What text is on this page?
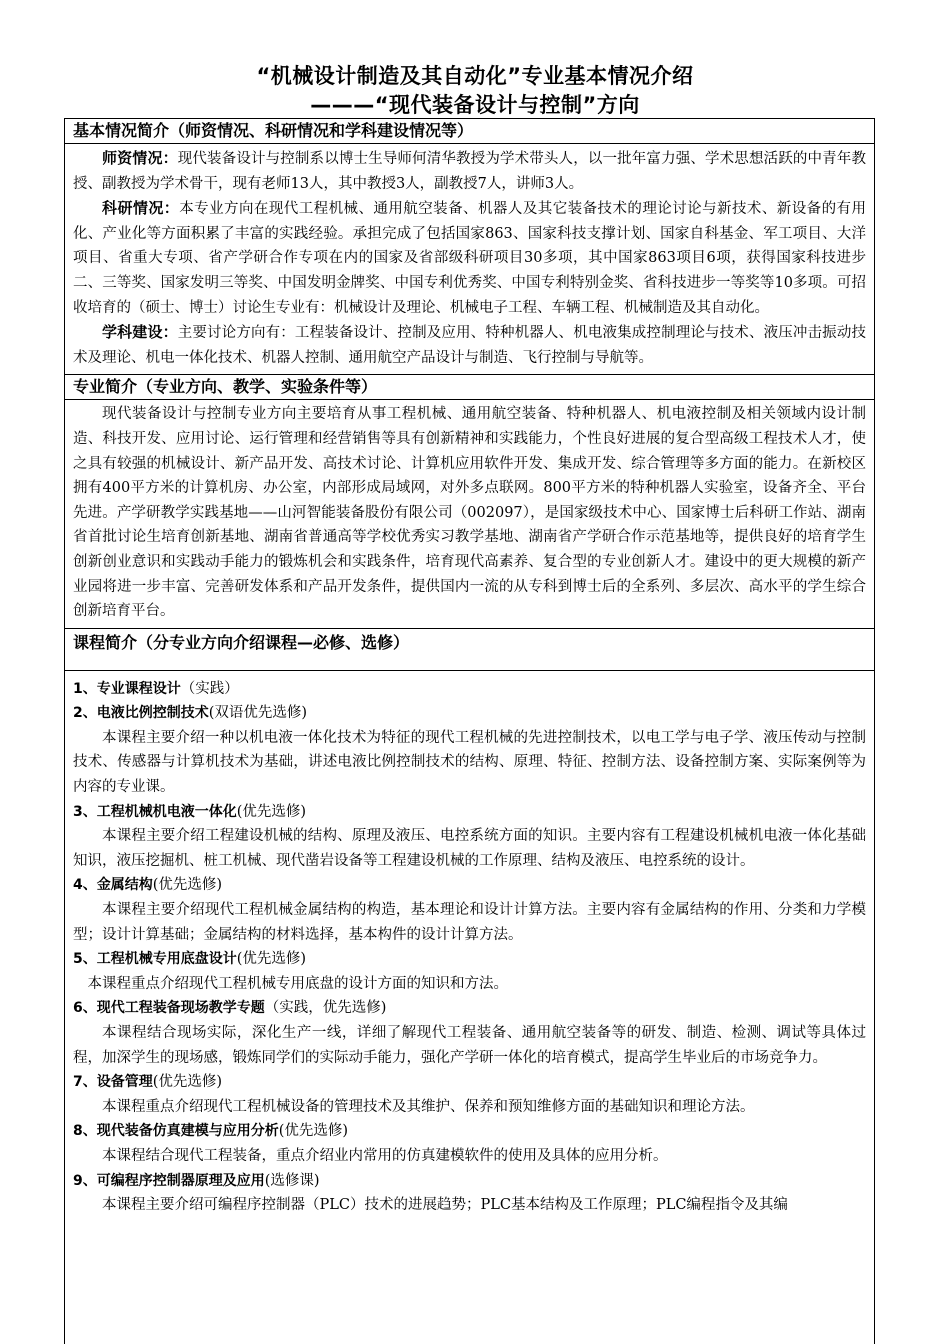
“机械设计制造及其自动化”专业基本情况介绍
———“现代装备设计与控制”方向
基本情况简介（师资情况、科研情况和学科建设情况等）

师资情况：现代装备设计与控制系以博士生导师何清华教授为学术带头人，以一批年富力强、学术思想活跃的中青年教授、副教授为学术骨干，现有老师13人，其中教授3人，副教授7人，讲师3人。

科研情况：本专业方向在现代工程机械、通用航空装备、机器人及其它装备技术的理论讨论与新技术、新设备的有用化、产业化等方面积累了丰富的实践经验。承担完成了包括国家863、国家科技支撑计划、国家自科基金、军工项目、大洋项目、省重大专项、省产学研合作专项在内的国家及省部级科研项目30多项，其中国家863项目6项，获得国家科技进步二、三等奖、国家发明三等奖、中国发明金牌奖、中国专利优秀奖、中国专利特别金奖、省科技进步一等奖等10多项。可招收培育的（硕士、博士）讨论生专业有：机械设计及理论、机械电子工程、车辆工程、机械制造及其自动化。

学科建设：主要讨论方向有：工程装备设计、控制及应用、特种机器人、机电液集成控制理论与技术、液压冲击振动技术及理论、机电一体化技术、机器人控制、通用航空产品设计与制造、飞行控制与导航等。

专业简介（专业方向、教学、实验条件等）

现代装备设计与控制专业方向主要培育从事工程机械、通用航空装备、特种机器人、机电液控制及相关领域内设计制造、科技开发、应用讨论、运行管理和经营销售等具有创新精神和实践能力，个性良好进展的复合型高级工程技术人才，使之具有较强的机械设计、新产品开发、高技术讨论、计算机应用软件开发、集成开发、综合管理等多方面的能力。在新校区拥有400平方米的计算机房、办公室，内部形成局域网，对外多点联网。800平方米的特种机器人实验室，设备齐全、平台先进。产学研教学实践基地——山河智能装备股份有限公司（002097），是国家级技术中心、国家博士后科研工作站、湖南省首批讨论生培育创新基地、湖南省普通高等学校优秀实习教学基地、湖南省产学研合作示范基地等，提供良好的培育学生创新创业意识和实践动手能力的锻炼机会和实践条件，培育现代高素养、复合型的专业创新人才。建设中的更大规模的新产业园将进一步丰富、完善研发体系和产品开发条件，提供国内一流的从专科到博士后的全系列、多层次、高水平的学生综合创新培育平台。

课程简介（分专业方向介绍课程—必修、选修）

1、专业课程设计（实践）

2、电液比例控制技术(双语优先选修)

本课程主要介绍一种以机电液一体化技术为特征的现代工程机械的先进控制技术，以电工学与电子学、液压传动与控制技术、传感器与计算机技术为基础，讲述电液比例控制技术的结构、原理、特征、控制方法、设备控制方案、实际案例等为内容的专业课。

3、工程机械机电液一体化(优先选修)

本课程主要介绍工程建设机械的结构、原理及液压、电控系统方面的知识。主要内容有工程建设机械机电液一体化基础知识，液压挖掘机、桩工机械、现代凿岩设备等工程建设机械的工作原理、结构及液压、电控系统的设计。

4、金属结构(优先选修)

本课程主要介绍现代工程机械金属结构的构造，基本理论和设计计算方法。主要内容有金属结构的作用、分类和力学模型；设计计算基础；金属结构的材料选择，基本构件的设计计算方法。

5、工程机械专用底盘设计(优先选修)

本课程重点介绍现代工程机械专用底盘的设计方面的知识和方法。

6、现代工程装备现场教学专题（实践，优先选修)

本课程结合现场实际，深化生产一线，详细了解现代工程装备、通用航空装备等的研发、制造、检测、调试等具体过程，加深学生的现场感，锻炼同学们的实际动手能力，强化产学研一体化的培育模式，提高学生毕业后的市场竞争力。

7、设备管理(优先选修)

本课程重点介绍现代工程机械设备的管理技术及其维护、保养和预知维修方面的基础知识和理论方法。

8、现代装备仿真建模与应用分析(优先选修)

本课程结合现代工程装备，重点介绍业内常用的仿真建模软件的使用及具体的应用分析。

9、可编程序控制器原理及应用(选修课)

本课程主要介绍可编程序控制器（PLC）技术的进展趋势；PLC基本结构及工作原理；PLC编程指令及其编
